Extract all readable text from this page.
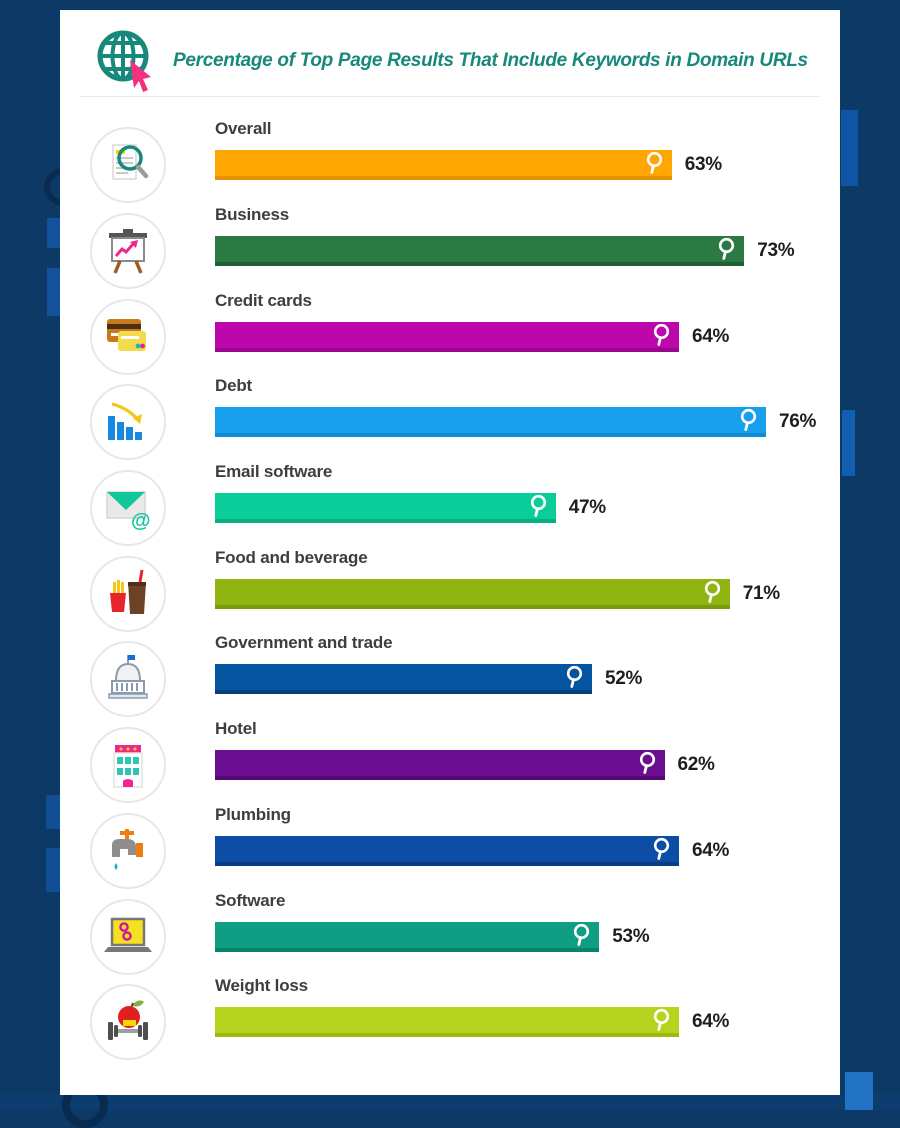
Percentage of Top Page Results That Include Keywords in Domain URLs
Overall
63%
Business
73%
Credit cards
64%
Debt
76%
@
Email software
47%
Food and beverage
71%
Government and trade
52%
Hotel
62%
Plumbing
64%
Software
53%
Weight loss
64%
